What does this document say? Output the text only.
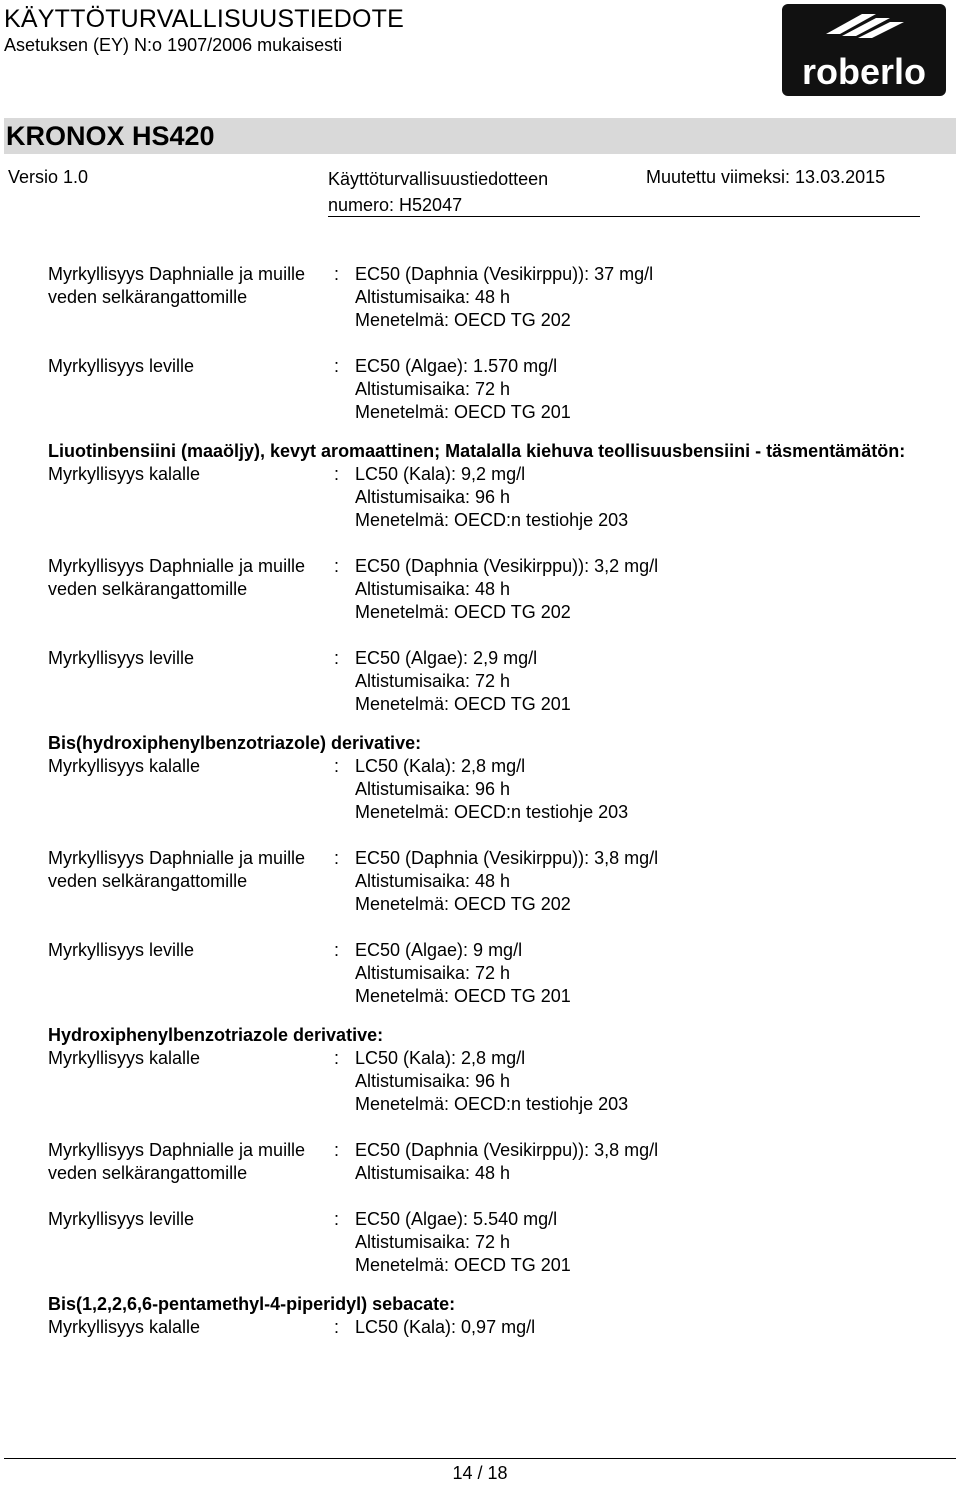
KÄYTTÖTURVALLISUUSTIEDOTE
Asetuksen (EY) N:o 1907/2006 mukaisesti
roberlo
KRONOX HS420
Versio 1.0	Käyttöturvallisuustiedotteen
numero: H52047
Muutettu viimeksi: 13.03.2015
Myrkyllisyys Daphnialle ja muille veden selkärangattomille
: EC50 (Daphnia (Vesikirppu)): 37 mg/l
Altistumisaika: 48 h
Menetelmä: OECD TG 202
Myrkyllisyys leville	: EC50 (Algae): 1.570 mg/l
Altistumisaika: 72 h
Menetelmä: OECD TG 201
Liuotinbensiini (maaöljy), kevyt aromaattinen; Matalalla kiehuva teollisuusbensiini - täsmentämätön:
Myrkyllisyys kalalle	: LC50 (Kala): 9,2 mg/l
Altistumisaika: 96 h
Menetelmä: OECD:n testiohje 203
Myrkyllisyys Daphnialle ja muille veden selkärangattomille
: EC50 (Daphnia (Vesikirppu)): 3,2 mg/l
Altistumisaika: 48 h
Menetelmä: OECD TG 202
Myrkyllisyys leville	: EC50 (Algae): 2,9 mg/l
Altistumisaika: 72 h
Menetelmä: OECD TG 201
Bis(hydroxiphenylbenzotriazole) derivative:
Myrkyllisyys kalalle	: LC50 (Kala): 2,8 mg/l
Altistumisaika: 96 h
Menetelmä: OECD:n testiohje 203
Myrkyllisyys Daphnialle ja muille veden selkärangattomille
: EC50 (Daphnia (Vesikirppu)): 3,8 mg/l
Altistumisaika: 48 h
Menetelmä: OECD TG 202
Myrkyllisyys leville	: EC50 (Algae): 9 mg/l
Altistumisaika: 72 h
Menetelmä: OECD TG 201
Hydroxiphenylbenzotriazole derivative:
Myrkyllisyys kalalle	: LC50 (Kala): 2,8 mg/l
Altistumisaika: 96 h
Menetelmä: OECD:n testiohje 203
Myrkyllisyys Daphnialle ja muille veden selkärangattomille
: EC50 (Daphnia (Vesikirppu)): 3,8 mg/l
Altistumisaika: 48 h
Myrkyllisyys leville	: EC50 (Algae): 5.540 mg/l
Altistumisaika: 72 h
Menetelmä: OECD TG 201
Bis(1,2,2,6,6-pentamethyl-4-piperidyl) sebacate:
Myrkyllisyys kalalle	: LC50 (Kala): 0,97 mg/l
14 / 18
